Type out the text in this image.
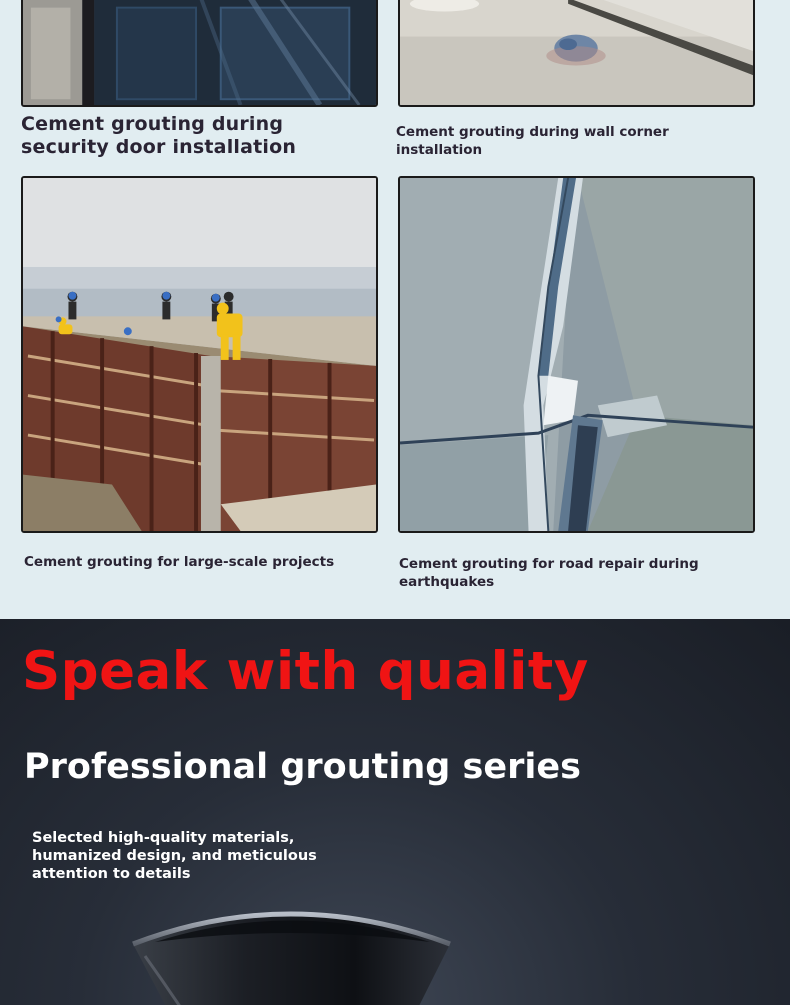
Cement grouting during security door installation
Cement grouting during wall corner installation
Cement grouting for large-scale projects	Cement grouting for road repair during earthquakes
Speak with quality
Professional grouting series
Selected high-quality materials, humanized design, and meticulous attention to details
